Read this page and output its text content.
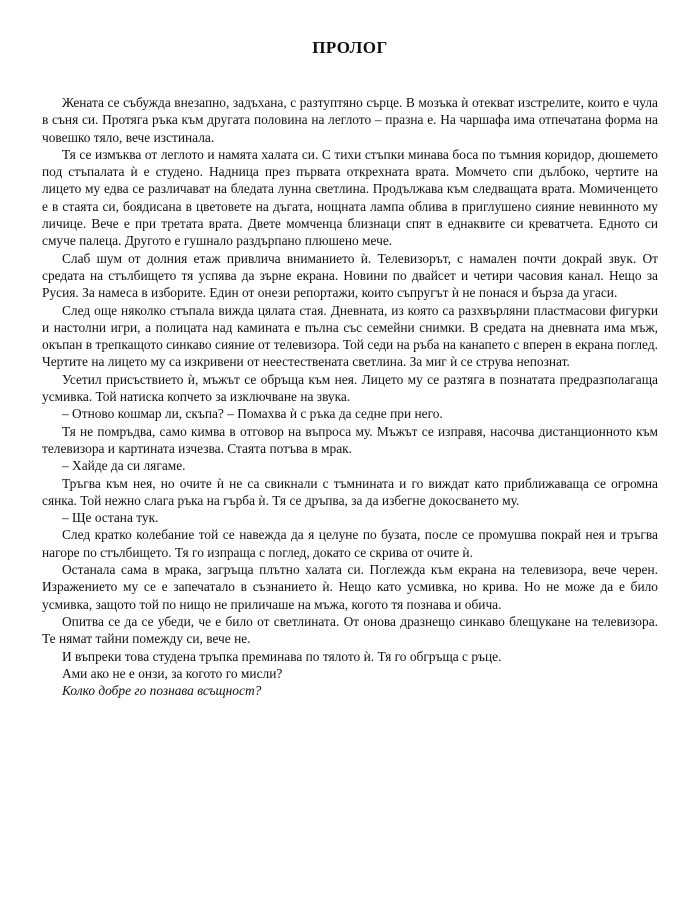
ПРОЛОГ

Жената се събужда внезапно, задъхана, с разтуптяно сърце. В мозъка ѝ отекват изстрелите, които е чула в съня си. Протяга ръка към другата половина на леглото – празна е. На чаршафа има отпечатана форма на човешко тяло, вече изстинала.

Тя се измъква от леглото и намята халата си. С тихи стъпки минава боса по тъмния коридор, дюшемето под стъпалата ѝ е студено. Надница през първата открехната врата. Момчето спи дълбоко, чертите на лицето му едва се различават на бледата лунна светлина. Продължава към следващата врата. Момиченцето е в стаята си, боядисана в цветовете на дъгата, нощната лампа облива в приглушено сияние невинното му личице. Вече е при третата врата. Двете момченца близнаци спят в еднаквите си креватчета. Едното си смуче палеца. Другото е гушнало раздърпано плюшено мече.

Слаб шум от долния етаж привлича вниманието ѝ. Телевизорът, с намален почти докрай звук. От средата на стълбището тя успява да зърне екрана. Новини по двайсет и четири часовия канал. Нещо за Русия. За намеса в изборите. Един от онези репортажи, които съпругът ѝ не понася и бърза да угаси.

След още няколко стъпала вижда цялата стая. Дневната, из която са разхвърляни пластмасови фигурки и настолни игри, а полицата над камината е пълна със семейни снимки. В средата на дневната има мъж, окъпан в трепкащото синкаво сияние от телевизора. Той седи на ръба на канапето с вперен в екрана поглед. Чертите на лицето му са изкривени от неестествената светлина. За миг ѝ се струва непознат.

Усетил присъствието ѝ, мъжът се обръща към нея. Лицето му се разтяга в познатата предразполагаща усмивка. Той натиска копчето за изключване на звука.

– Отново кошмар ли, скъпа? – Помахва ѝ с ръка да седне при него.

Тя не помръдва, само кимва в отговор на въпроса му. Мъжът се изправя, насочва дистанционното към телевизора и картината изчезва. Стаята потъва в мрак.

– Хайде да си лягаме.

Тръгва към нея, но очите ѝ не са свикнали с тъмнината и го виждат като приближаваща се огромна сянка. Той нежно слага ръка на гърба ѝ. Тя се дръпва, за да избегне докосването му.

– Ще остана тук.

След кратко колебание той се навежда да я целуне по бузата, после се промушва покрай нея и тръгва нагоре по стълбището. Тя го изпраща с поглед, докато се скрива от очите ѝ.

Останала сама в мрака, загръща плътно халата си. Поглежда към екрана на телевизора, вече черен. Изражението му се е запечатало в съзнанието ѝ. Нещо като усмивка, но крива. Но не може да е било усмивка, защото той по нищо не приличаше на мъжа, когото тя познава и обича.

Опитва се да се убеди, че е било от светлината. От онова дразнещо синкаво блещукане на телевизора. Те нямат тайни помежду си, вече не.

И въпреки това студена тръпка преминава по тялото ѝ. Тя го обгръща с ръце.

Ами ако не е онзи, за когото го мисли?

Колко добре го познава всъщност?
